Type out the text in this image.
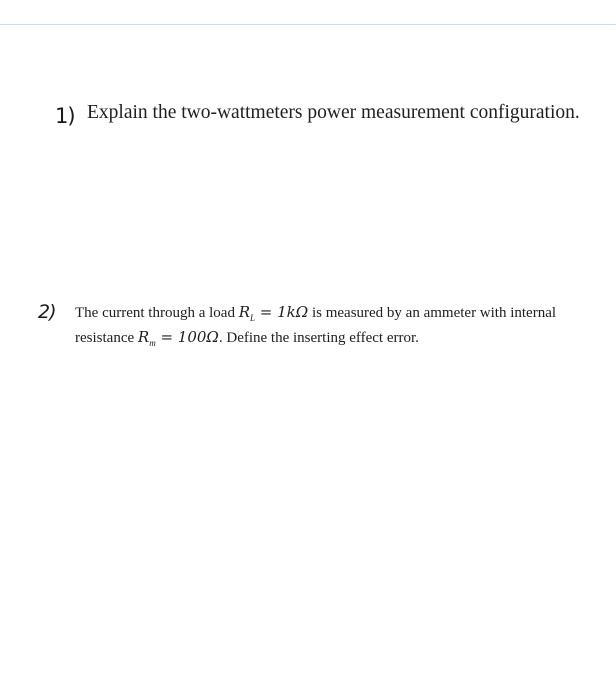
1) Explain the two-wattmeters power measurement configuration.
2) The current through a load $R_L = 1k\Omega$ is measured by an ammeter with internal
resistance $R_m = 100\Omega$. Define the inserting effect error.
